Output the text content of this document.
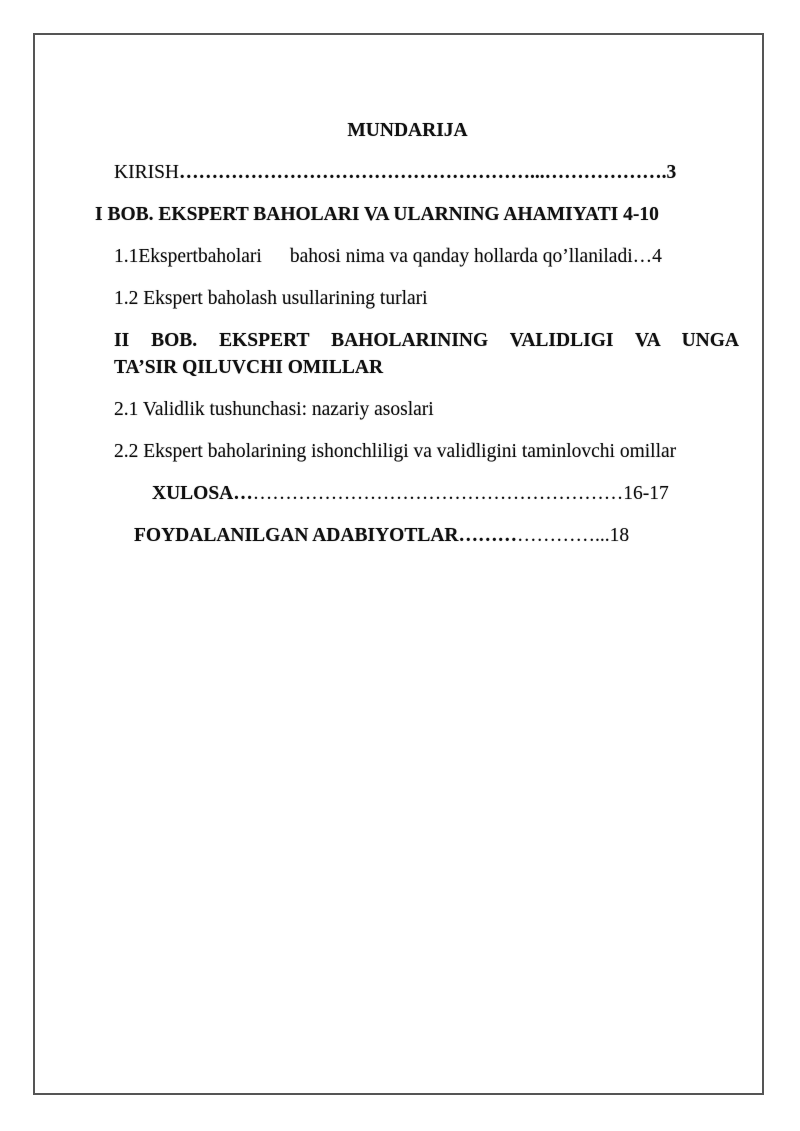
MUNDARIJA
KIRISH………………………………………………...……………….3
I BOB. EKSPERT BAHOLARI VA ULARNING AHAMIYATI 4-10
1.1Ekspertbaholari bahosi nima va qanday hollarda qo’llaniladi…4
1.2 Ekspert baholash usullarining turlari
II BOB. EKSPERT BAHOLARINING VALIDLIGI VA UNGA
TA’SIR QILUVCHI OMILLAR
2.1 Validlik tushunchasi: nazariy asoslari
2.2 Ekspert baholarining ishonchliligi va validligini taminlovchi omillar
XULOSA……………………………………………………16-17
FOYDALANILGAN ADABIYOTLAR…………………...18
